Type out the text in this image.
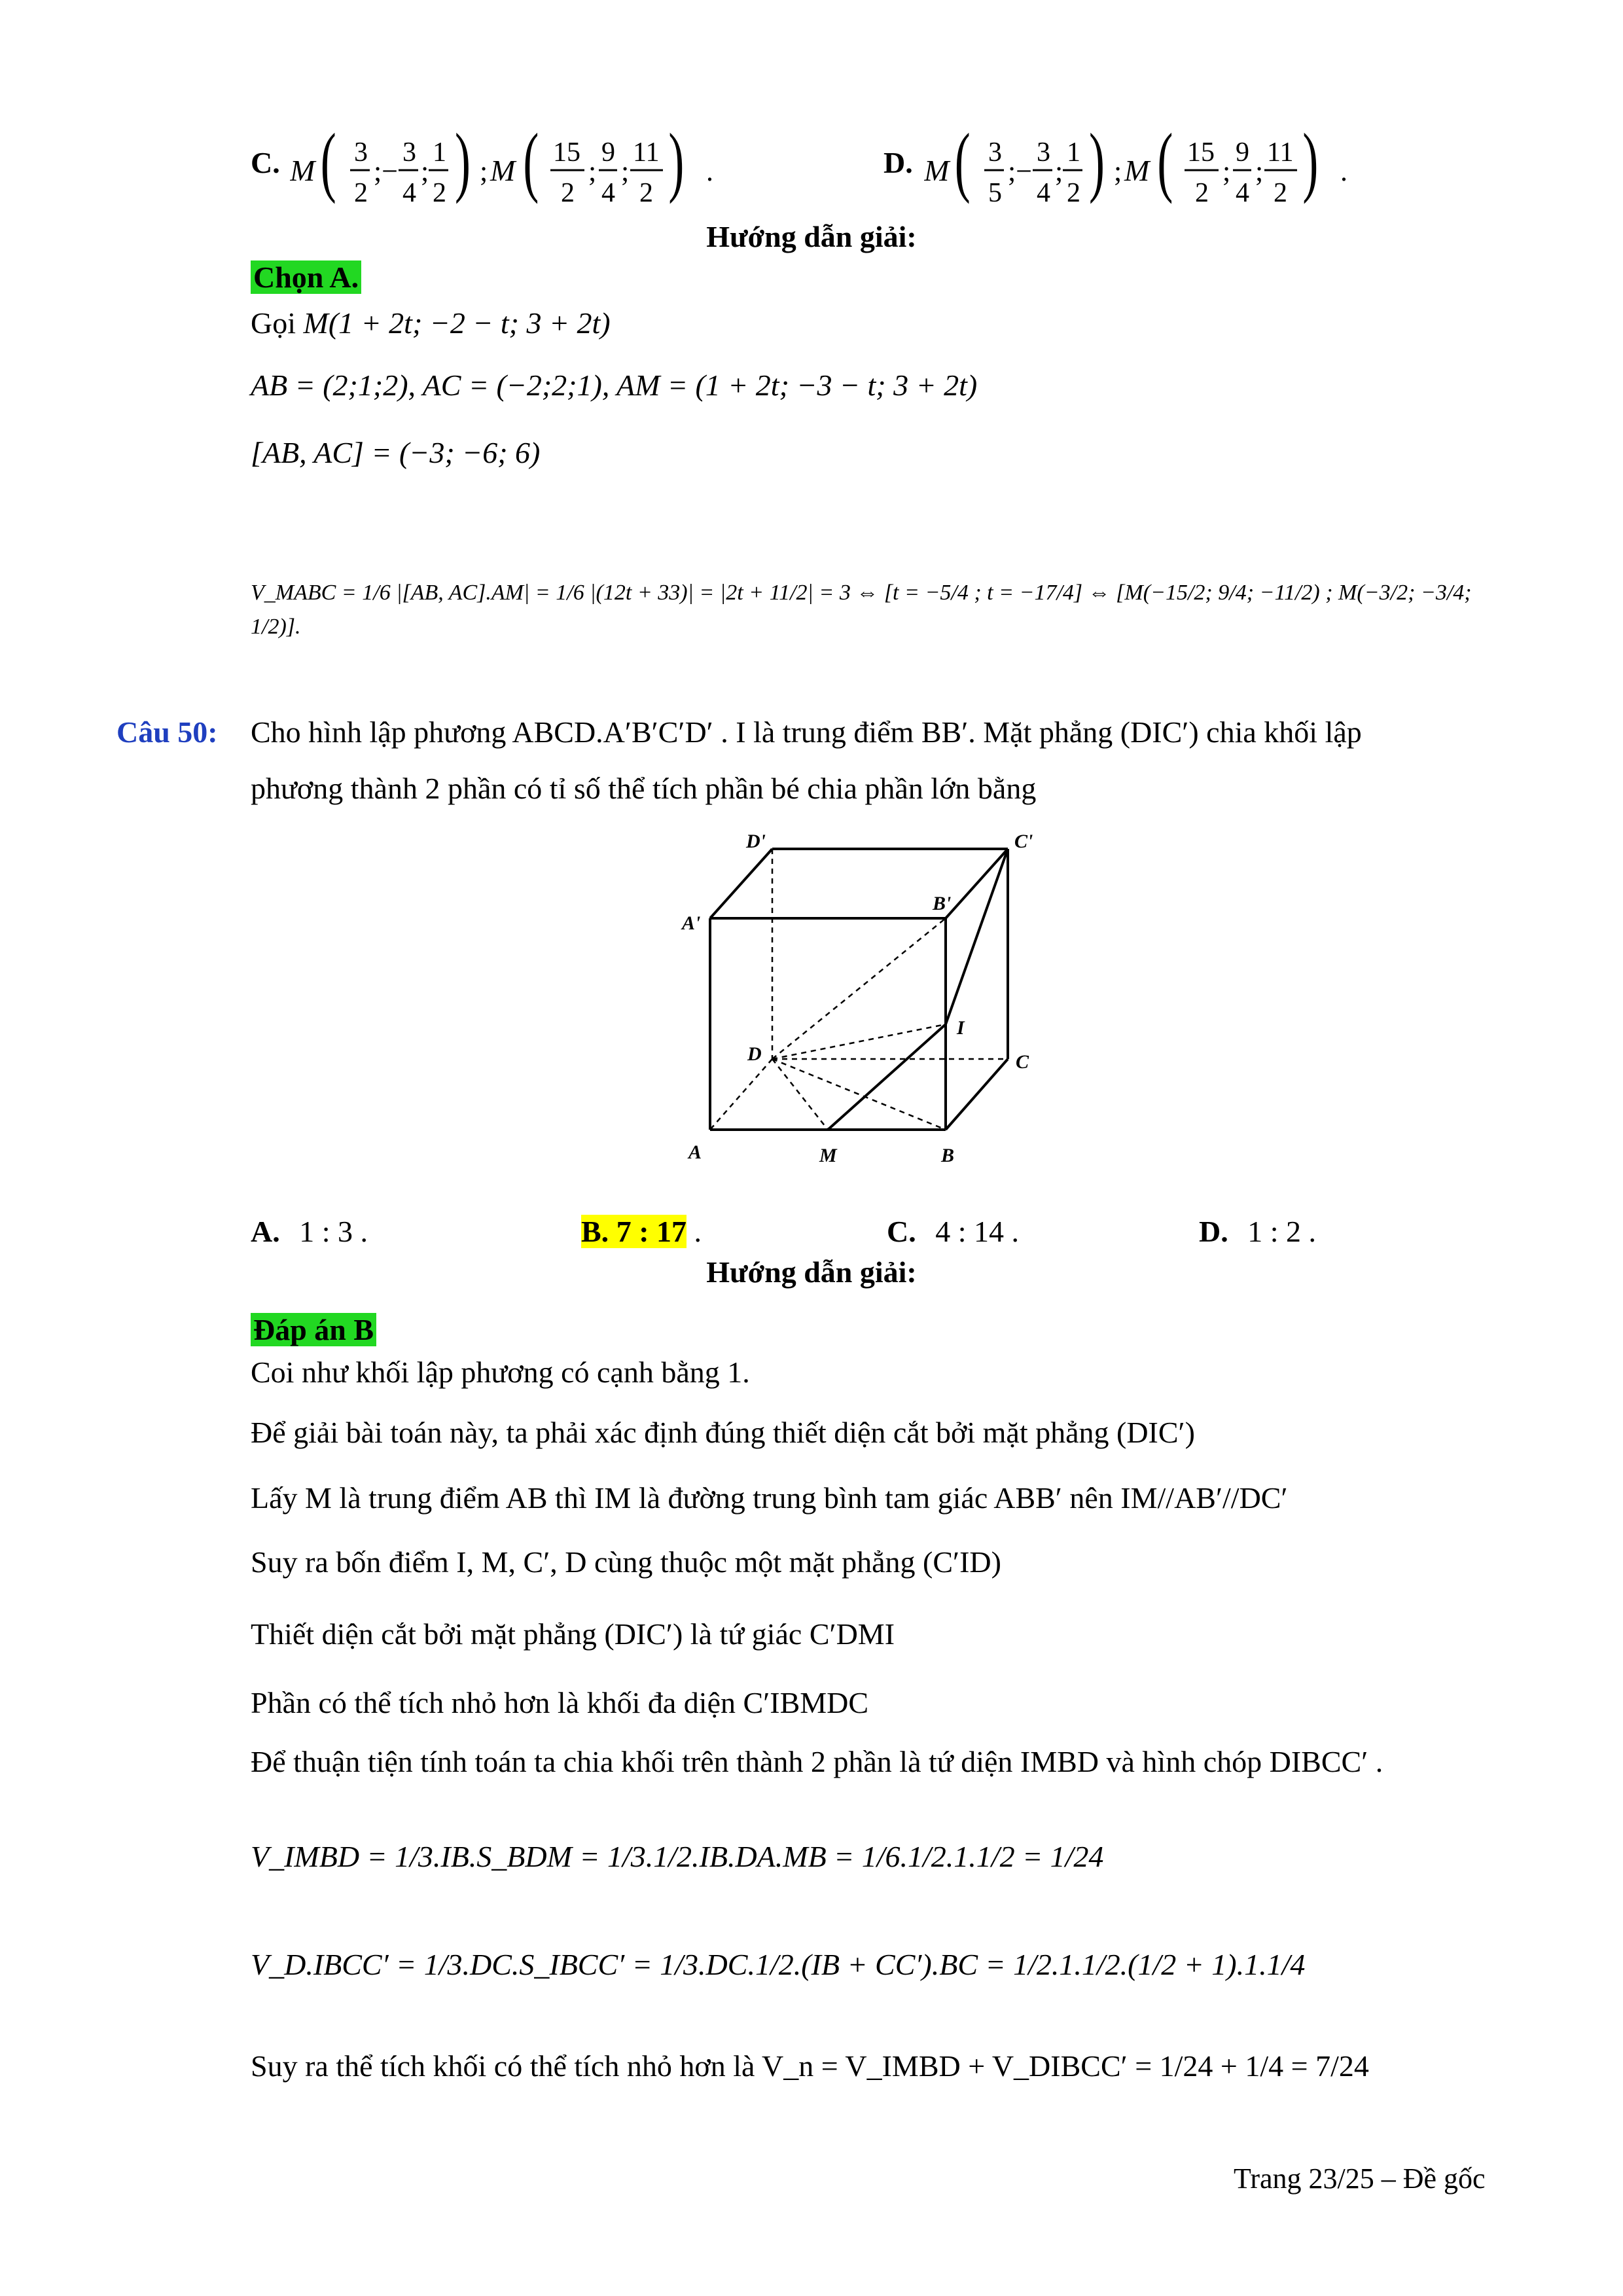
C. M ( 3
2
;−
3
4
;
1
2 ) ; M ( 15
2
;
9
4
;
11
2 ) .	D. M ( 3
5
;−
3
4
;
1
2 ) ; M ( 15
2
;
9
4
;
11
2 ) .
Hướng dẫn giải:
Chọn A.
Gọi M(1 + 2t; −2 − t; 3 + 2t)
AB = (2;1;2), AC = (−2;2;1), AM = (1 + 2t; −3 − t; 3 + 2t)
[AB, AC] = (−3; −6; 6)
V_MABC = 1/6 |[AB, AC].AM| = 1/6 |(12t + 33)| = |2t + 11/2| = 3 ⇔ [t = −5/4 ; t = −17/4] ⇔ [M(−15/2; 9/4; −11/2) ; M(−3/2; −3/4; 1/2)].
Câu 50: Cho hình lập phương ABCD.A′B′C′D′ . I là trung điểm BB′. Mặt phẳng (DIC′) chia khối lập
phương thành 2 phần có tỉ số thể tích phần bé chia phần lớn bằng
D'	C'
A'
B'
D
I
C
A	M	B
A. 1 : 3 .	B. 7 : 17 .	C. 4 : 14 .	D. 1 : 2 .
Hướng dẫn giải:
Đáp án B
Coi như khối lập phương có cạnh bằng 1.
Để giải bài toán này, ta phải xác định đúng thiết diện cắt bởi mặt phẳng (DIC′)
Lấy M là trung điểm AB thì IM là đường trung bình tam giác ABB′ nên IM//AB′//DC′
Suy ra bốn điểm I, M, C′, D cùng thuộc một mặt phẳng (C′ID)
Thiết diện cắt bởi mặt phẳng (DIC′) là tứ giác C′DMI
Phần có thể tích nhỏ hơn là khối đa diện C′IBMDC
Để thuận tiện tính toán ta chia khối trên thành 2 phần là tứ diện IMBD và hình chóp DIBCC′ .
V_IMBD = 1/3.IB.S_BDM = 1/3.1/2.IB.DA.MB = 1/6.1/2.1.1/2 = 1/24
V_D.IBCC′ = 1/3.DC.S_IBCC′ = 1/3.DC.1/2.(IB + CC′).BC = 1/2.1.1/2.(1/2 + 1).1.1/4
Suy ra thể tích khối có thể tích nhỏ hơn là V_n = V_IMBD + V_DIBCC′ = 1/24 + 1/4 = 7/24
Trang 23/25 – Đề gốc
